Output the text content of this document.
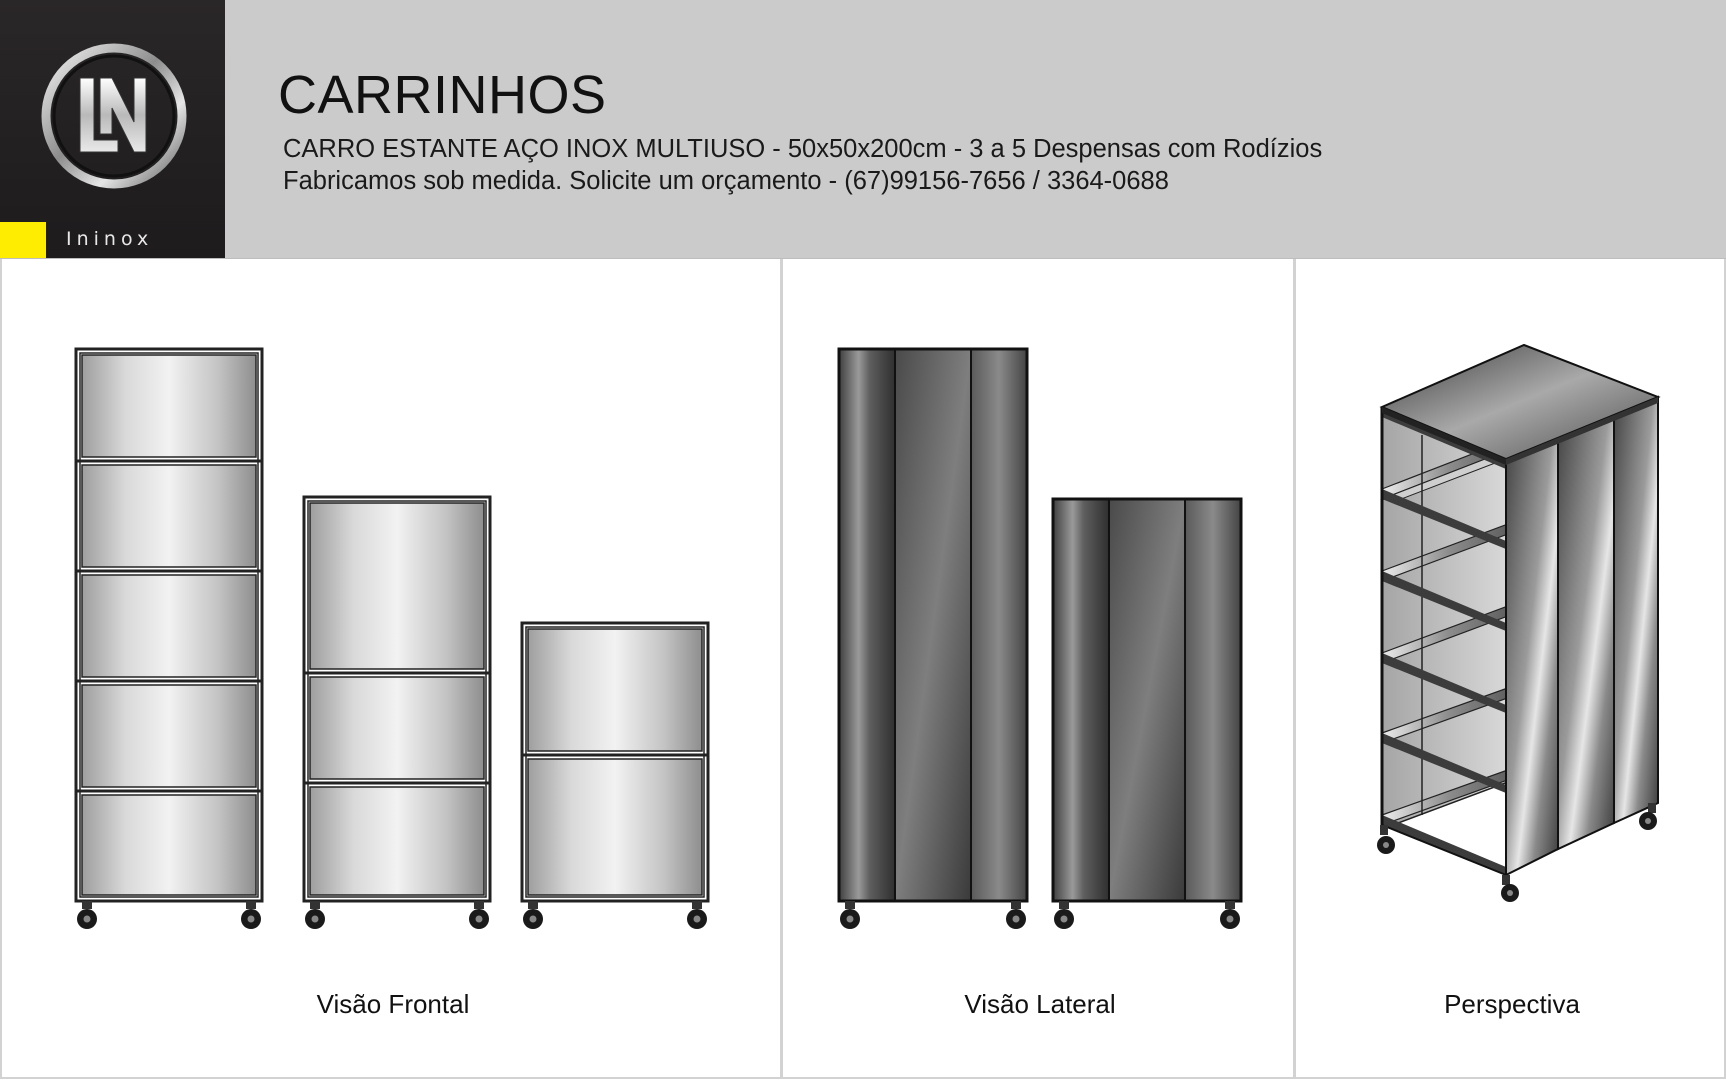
Ininox
CARRINHOS
CARRO ESTANTE AÇO INOX MULTIUSO - 50x50x200cm - 3 a 5 Despensas com Rodízios
Fabricamos sob medida. Solicite um orçamento - (67)99156-7656 / 3364-0688
Visão Frontal	Visão Lateral	Perspectiva
